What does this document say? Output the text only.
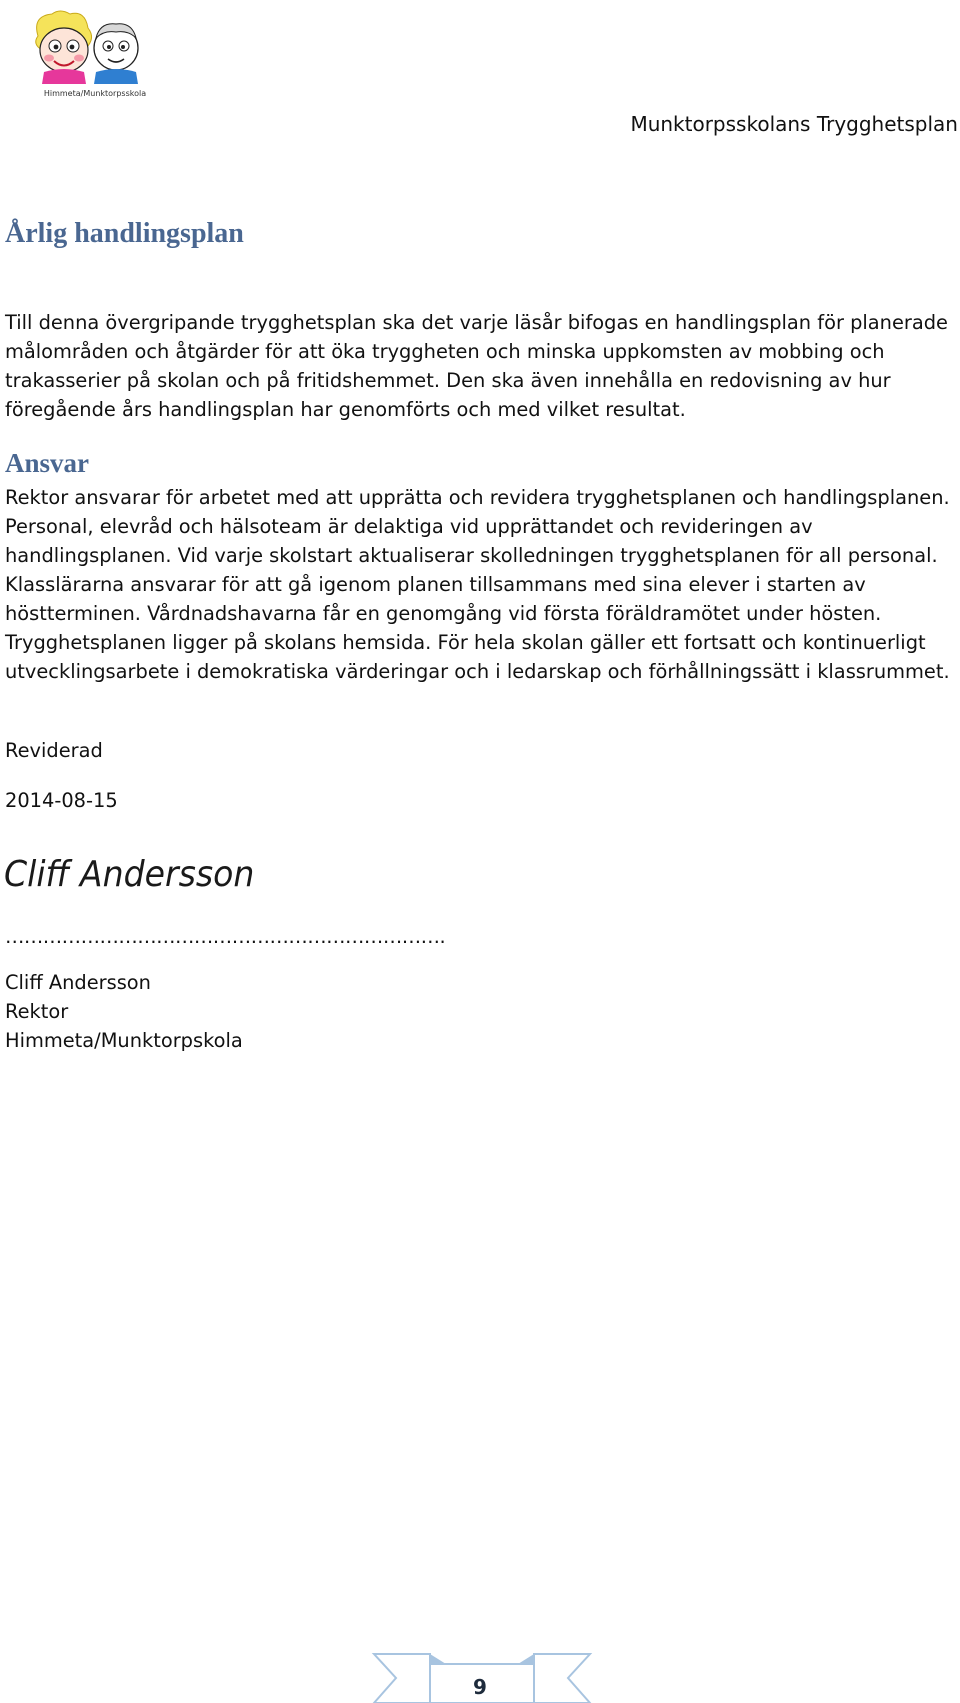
Himmeta/Munktorpsskola
Munktorpsskolans Trygghetsplan
Årlig handlingsplan

Till denna övergripande trygghetsplan ska det varje läsår bifogas en handlingsplan för planerade målområden och åtgärder för att öka tryggheten och minska uppkomsten av mobbing och trakasserier på skolan och på fritidshemmet. Den ska även innehålla en redovisning av hur föregående års handlingsplan har genomförts och med vilket resultat.

Ansvar

Rektor ansvarar för arbetet med att upprätta och revidera trygghetsplanen och handlingsplanen. Personal, elevråd och hälsoteam är delaktiga vid upprättandet och revideringen av handlingsplanen. Vid varje skolstart aktualiserar skolledningen trygghetsplanen för all personal. Klasslärarna ansvarar för att gå igenom planen tillsammans med sina elever i starten av höstterminen. Vårdnadshavarna får en genomgång vid första föräldramötet under hösten. Trygghetsplanen ligger på skolans hemsida. För hela skolan gäller ett fortsatt och kontinuerligt utvecklingsarbete i demokratiska värderingar och i ledarskap och förhållningssätt i klassrummet.

Reviderad
2014-08-15
Cliff Andersson
…………………………………………………………….
Cliff Andersson
Rektor
Himmeta/Munktorpskola
9
